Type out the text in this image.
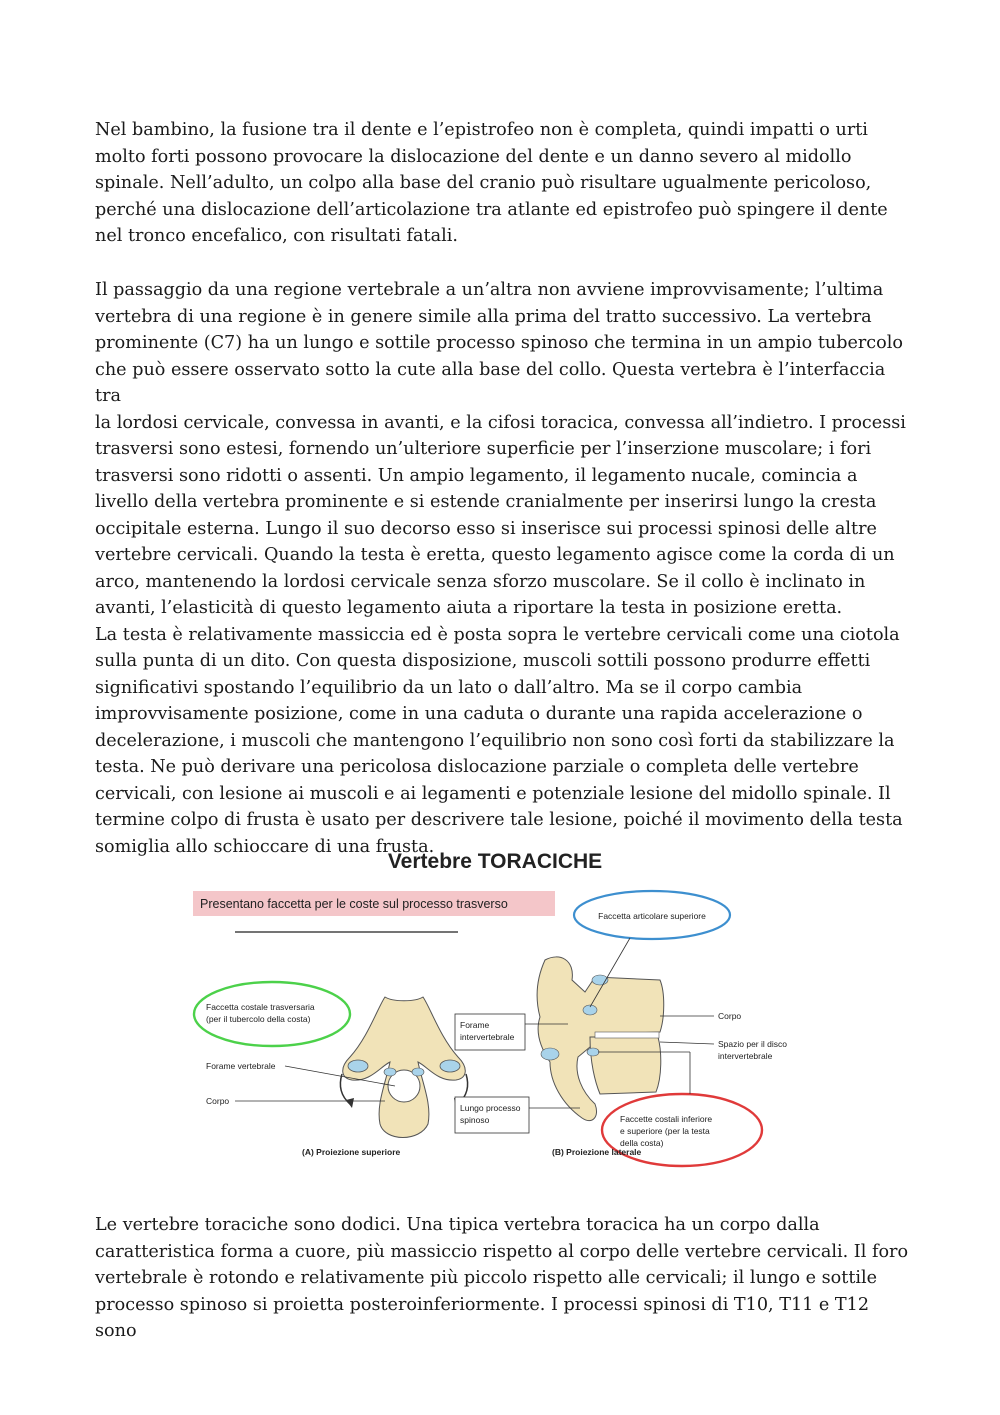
Nel bambino, la fusione tra il dente e l’epistrofeo non è completa, quindi impatti o urti
molto forti possono provocare la dislocazione del dente e un danno severo al midollo
spinale. Nell’adulto, un colpo alla base del cranio può risultare ugualmente pericoloso,
perché una dislocazione dell’articolazione tra atlante ed epistrofeo può spingere il dente
nel tronco encefalico, con risultati fatali.

Il passaggio da una regione vertebrale a un’altra non avviene improvvisamente; l’ultima
vertebra di una regione è in genere simile alla prima del tratto successivo. La vertebra
prominente (C7) ha un lungo e sottile processo spinoso che termina in un ampio tubercolo
che può essere osservato sotto la cute alla base del collo. Questa vertebra è l’interfaccia tra
la lordosi cervicale, convessa in avanti, e la cifosi toracica, convessa all’indietro. I processi
trasversi sono estesi, fornendo un’ulteriore superficie per l’inserzione muscolare; i fori
trasversi sono ridotti o assenti. Un ampio legamento, il legamento nucale, comincia a
livello della vertebra prominente e si estende cranialmente per inserirsi lungo la cresta
occipitale esterna. Lungo il suo decorso esso si inserisce sui processi spinosi delle altre
vertebre cervicali. Quando la testa è eretta, questo legamento agisce come la corda di un
arco, mantenendo la lordosi cervicale senza sforzo muscolare. Se il collo è inclinato in
avanti, l’elasticità di questo legamento aiuta a riportare la testa in posizione eretta.
La testa è relativamente massiccia ed è posta sopra le vertebre cervicali come una ciotola
sulla punta di un dito. Con questa disposizione, muscoli sottili possono produrre effetti
significativi spostando l’equilibrio da un lato o dall’altro. Ma se il corpo cambia
improvvisamente posizione, come in una caduta o durante una rapida accelerazione o
decelerazione, i muscoli che mantengono l’equilibrio non sono così forti da stabilizzare la
testa. Ne può derivare una pericolosa dislocazione parziale o completa delle vertebre
cervicali, con lesione ai muscoli e ai legamenti e potenziale lesione del midollo spinale. Il
termine colpo di frusta è usato per descrivere tale lesione, poiché il movimento della testa
somiglia allo schioccare di una frusta.

Vertebre TORACICHE
Presentano faccetta per le coste sul processo trasverso
Faccetta articolare superiore
Faccetta costale trasversaria
(per il tubercolo della costa)
Forame vertebrale
Corpo
(A) Proiezione superiore
Forame
intervertebrale
Lungo processo
spinoso
Corpo
Spazio per il disco
intervertebrale
Faccette costali inferiore
e superiore (per la testa
della costa)
(B) Proiezione laterale

Le vertebre toraciche sono dodici. Una tipica vertebra toracica ha un corpo dalla
caratteristica forma a cuore, più massiccio rispetto al corpo delle vertebre cervicali. Il foro
vertebrale è rotondo e relativamente più piccolo rispetto alle cervicali; il lungo e sottile
processo spinoso si proietta posteroinferiormente. I processi spinosi di T10, T11 e T12 sono
